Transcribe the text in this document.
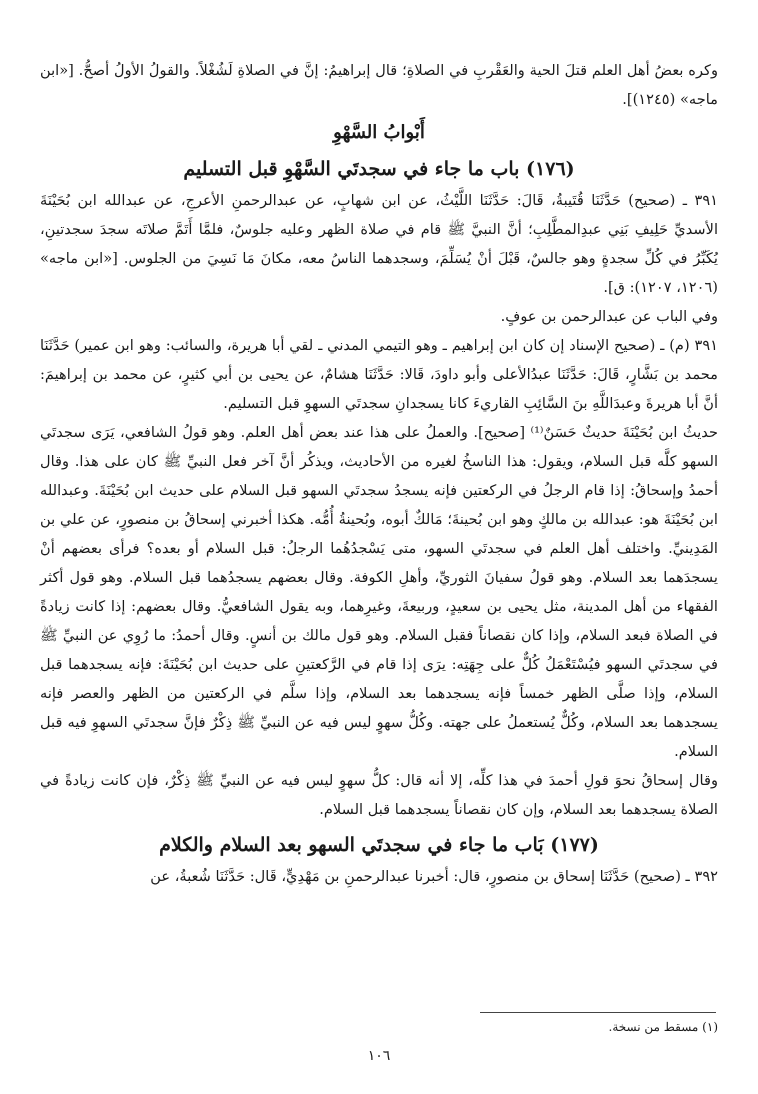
وكره بعضُ أهل العلم قتلَ الحية والعَقْربِ في الصلاةِ؛ قال إبراهيمُ: إنَّ في الصلاةِ لَشُغْلاً. والقولُ الأولُ أصحُّ. [«ابن ماجه» (١٢٤٥)].

أَبْوابُ السَّهْوِ
(١٧٦) باب ما جاء في سجدتَي السَّهْوِ قبل التسليم

٣٩١ ـ (صحيح) حَدَّثَنَا قُتَيبةُ، قَالَ: حَدَّثَنَا اللَّيْثُ، عن ابن شهابٍ، عن عبدالرحمنِ الأعرجِ، عن عبدالله ابن بُحَيْنَةَ الأسديِّ حَلِيفِ بَنِي عبدِالمطَّلِبِ؛ أنَّ النبيَّ ﷺ قام في صلاة الظهر وعليه جلوسٌ، فلمَّا أَتَمَّ صلاتَه سجدَ سجدتينِ، يُكَبِّرُ في كُلِّ سجدةٍ وهو جالسٌ، قَبْلَ أنْ يُسَلِّمَ، وسجدهما الناسُ معه، مكانَ مَا نَسِيَ من الجلوس. [«ابن ماجه» (١٢٠٦، ١٢٠٧): ق].

وفي الباب عن عبدالرحمن بن عوفٍ.

٣٩١ (م) ـ (صحيح الإسناد إن كان ابن إبراهيم ـ وهو التيمي المدني ـ لقي أبا هريرة، والسائب: وهو ابن عمير) حَدَّثَنَا محمد بن بَشَّارٍ، قَالَ: حَدَّثَنَا عبدُالأعلى وأبو داودَ، قَالا: حَدَّثَنَا هشامٌ، عن يحيى بن أبي كثيرٍ، عن محمد بن إبراهيمَ: أنَّ أبا هريرةَ وعبدَاللَّهِ بنَ السَّائِبِ القاريءَ كانا يسجدانِ سجدتَي السهوِ قبل التسليم.

حديثُ ابن بُحَيْنَةَ حديثٌ حَسَنٌ⁽¹⁾ [صحيح]. والعملُ على هذا عند بعض أهل العلم. وهو قولُ الشافعي، يَرَى سجدتَي السهو كلَّه قبل السلام، ويقول: هذا الناسخُ لغيره من الأحاديث، ويذكُر أنَّ آخر فعل النبيِّ ﷺ كان على هذا. وقال أحمدُ وإسحاقُ: إذا قام الرجلُ في الركعتين فإنه يسجدُ سجدتَي السهو قبل السلام على حديث ابن بُحَيْنَةَ. وعبدالله ابن بُحَيْنَةَ هو: عبدالله بن مالكٍ وهو ابن بُحينةَ؛ مَالكٌ أبوه، وبُحينةُ أُمُّه. هكذا أخبرني إسحاقُ بن منصورٍ، عن علي بن المَدِينيِّ. واختلف أهل العلم في سجدتَي السهو، متى يَسْجدُهُما الرجلُ: قبل السلام أو بعده؟ فرأى بعضهم أنْ يسجدَهما بعد السلام. وهو قولُ سفيانَ الثوريِّ، وأهلِ الكوفة. وقال بعضهم يسجدُهما قبل السلام. وهو قول أكثر الفقهاء من أهل المدينة، مثل يحيى بن سعيدٍ، وربيعةَ، وغيرِهما، وبه يقول الشافعيُّ. وقال بعضهم: إذا كانت زيادةً في الصلاة فبعد السلام، وإذا كان نقصاناً فقبل السلام. وهو قول مالك بن أنسٍ. وقال أحمدُ: ما رُوِي عن النبيِّ ﷺ في سجدتَي السهو فيُسْتَعْمَلُ كُلٌّ على جِهَتِه: يرَى إذا قام في الرَّكعتينِ على حديث ابن بُحَيْنَةَ: فإنه يسجدهما قبل السلام، وإذا صلَّى الظهر خمساً فإنه يسجدهما بعد السلام، وإذا سلَّم في الركعتين من الظهر والعصر فإنه يسجدهما بعد السلام، وكُلٌّ يُستعملُ على جهته. وكُلُّ سهوٍ ليس فيه عن النبيِّ ﷺ ذِكْرٌ فإنَّ سجدتَي السهوِ فيه قبل السلام.

وقال إسحاقُ نحوَ قولِ أحمدَ في هذا كلِّه، إلا أنه قال: كلُّ سهوٍ ليس فيه عن النبيِّ ﷺ ذِكْرٌ، فإن كانت زيادةً في الصلاة يسجدهما بعد السلام، وإن كان نقصاناً يسجدهما قبل السلام.

(١٧٧) بَاب ما جاء في سجدتَي السهو بعد السلام والكلام

٣٩٢ ـ (صحيح) حَدَّثَنَا إسحاق بن منصورٍ، قال: أخبرنا عبدالرحمنِ بن مَهْدِيٍّ، قَال: حَدَّثَنَا شُعبةُ، عن

(١) مسقط من نسخة.
١٠٦
